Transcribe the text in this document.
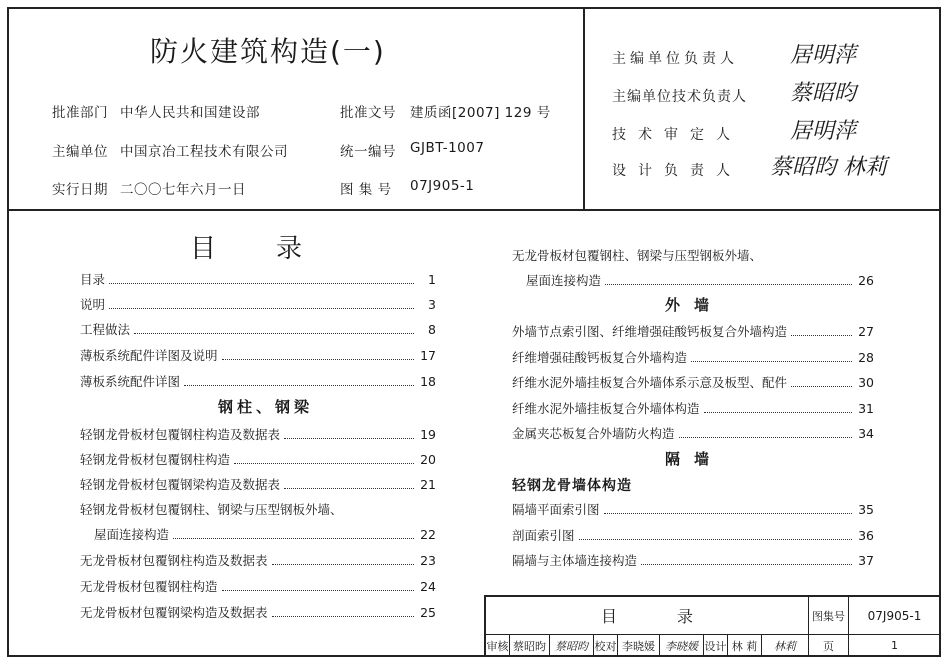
防火建筑构造(一)
批准部门 中华人民共和国建设部	批准文号 建质函[2007] 129 号
主编单位 中国京冶工程技术有限公司	统一编号 GJBT-1007
实行日期 二〇〇七年六月一日	图 集 号 07J905-1
主编单位负责人 居明萍
主编单位技术负责人 蔡昭昀
技术审定人 居明萍
设计负责人 蔡昭昀 林莉
目录
目录	1
说明	3
工程做法	8
薄板系统配件详图及说明	17
薄板系统配件详图	18
钢柱、钢梁
轻钢龙骨板材包覆钢柱构造及数据表	19
轻钢龙骨板材包覆钢柱构造	20
轻钢龙骨板材包覆钢梁构造及数据表	21
轻钢龙骨板材包覆钢柱、钢梁与压型钢板外墙、
屋面连接构造	22
无龙骨板材包覆钢柱构造及数据表	23
无龙骨板材包覆钢柱构造	24
无龙骨板材包覆钢梁构造及数据表	25
无龙骨板材包覆钢柱、钢梁与压型钢板外墙、
屋面连接构造	26
外墙
外墙节点索引图、纤维增强硅酸钙板复合外墙构造	27
纤维增强硅酸钙板复合外墙构造	28
纤维水泥外墙挂板复合外墙体系示意及板型、配件	30
纤维水泥外墙挂板复合外墙体构造	31
金属夹芯板复合外墙防火构造	34
隔墙
轻钢龙骨墙体构造
隔墙平面索引图	35
剖面索引图	36
隔墙与主体墙连接构造	37
目录	图集号	07J905-1
审核 蔡昭昀 蔡昭昀 校对 李晓媛 李晓媛 设计 林 莉	林莉	页	1
